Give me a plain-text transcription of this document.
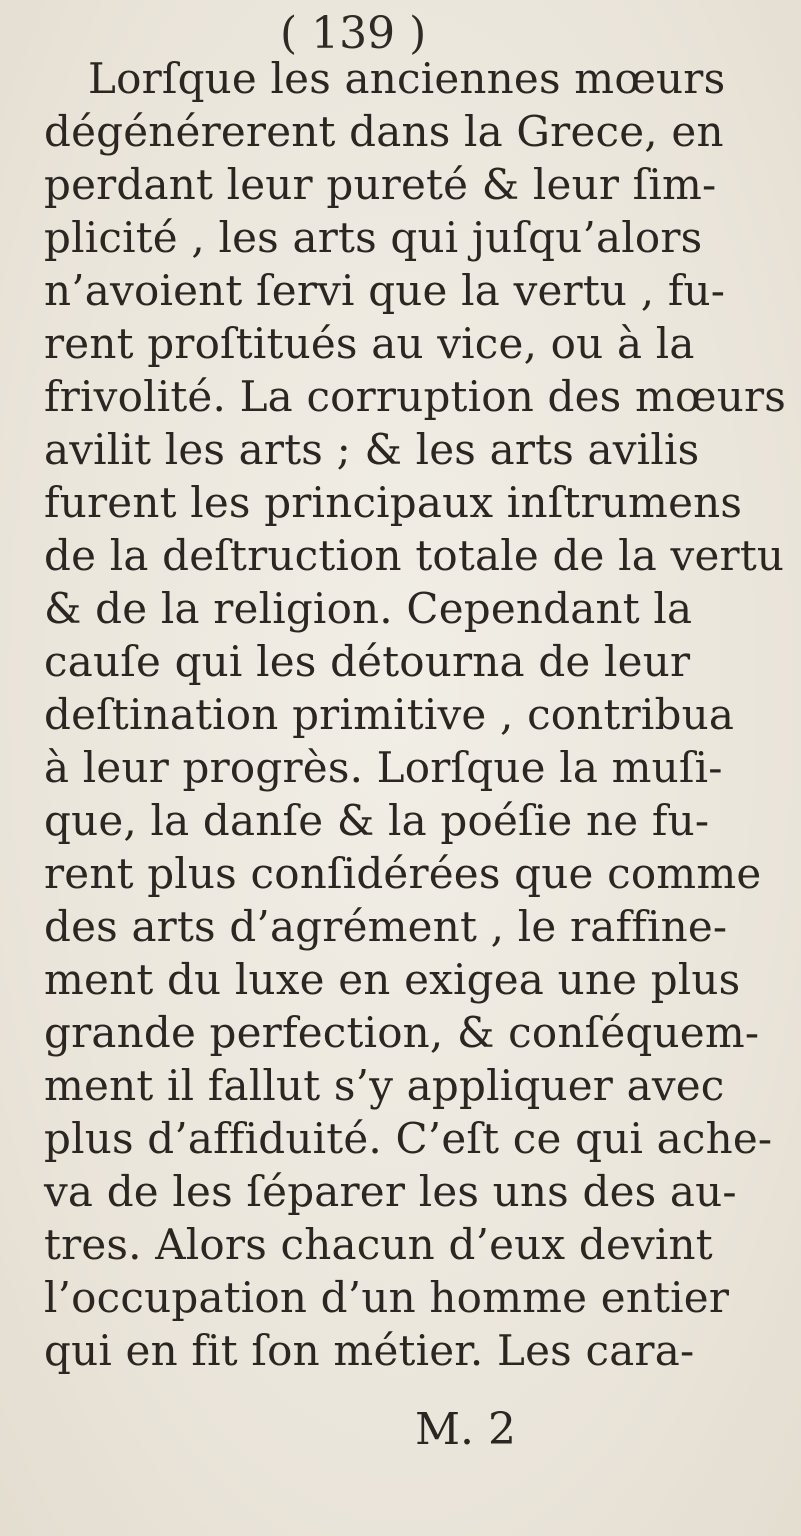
( 139 )
Lorſque les anciennes mœurs
dégénérerent dans la Grece, en
perdant leur pureté & leur ſim-
plicité , les arts qui juſqu’alors
n’avoient ſervi que la vertu , fu-
rent proſtitués au vice, ou à la
frivolité. La corruption des mœurs
avilit les arts ; & les arts avilis
furent les principaux inſtrumens
de la deſtruction totale de la vertu
& de la religion. Cependant la
cauſe qui les détourna de leur
deſtination primitive , contribua
à leur progrès. Lorſque la muſi-
que, la danſe & la poéſie ne fu-
rent plus conſidérées que comme
des arts d’agrément , le raffine-
ment du luxe en exigea une plus
grande perfection, & conſéquem-
ment il fallut s’y appliquer avec
plus d’affiduité. C’eſt ce qui ache-
va de les ſéparer les uns des au-
tres. Alors chacun d’eux devint
l’occupation d’un homme entier
qui en fit ſon métier. Les cara-
M. 2
